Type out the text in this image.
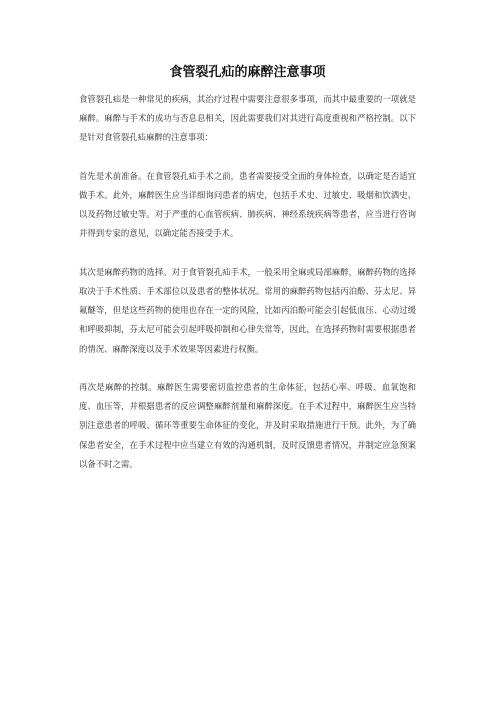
食管裂孔疝的麻醉注意事项

食管裂孔疝是一种常见的疾病，其治疗过程中需要注意很多事项，而其中最重要的一项就是麻醉。麻醉与手术的成功与否息息相关，因此需要我们对其进行高度重视和严格控制。以下是针对食管裂孔疝麻醉的注意事项：

首先是术前准备。在食管裂孔疝手术之前，患者需要接受全面的身体检查，以确定是否适宜做手术。此外，麻醉医生应当详细询问患者的病史，包括手术史、过敏史、吸烟和饮酒史、以及药物过敏史等。对于严重的心血管疾病、肺疾病、神经系统疾病等患者，应当进行咨询并得到专家的意见，以确定能否接受手术。

其次是麻醉药物的选择。对于食管裂孔疝手术，一般采用全麻或局部麻醉，麻醉药物的选择取决于手术性质、手术部位以及患者的整体状况。常用的麻醉药物包括丙泊酚、芬太尼、异氟醚等，但是这些药物的使用也存在一定的风险，比如丙泊酚可能会引起低血压、心动过缓和呼吸抑制，芬太尼可能会引起呼吸抑制和心律失常等，因此，在选择药物时需要根据患者的情况、麻醉深度以及手术效果等因素进行权衡。

再次是麻醉的控制。麻醉医生需要密切监控患者的生命体征，包括心率、呼吸、血氧饱和度、血压等，并根据患者的反应调整麻醉剂量和麻醉深度。在手术过程中，麻醉医生应当特别注意患者的呼吸、循环等重要生命体征的变化，并及时采取措施进行干预。此外，为了确保患者安全，在手术过程中应当建立有效的沟通机制，及时反馈患者情况，并制定应急预案以备不时之需。
